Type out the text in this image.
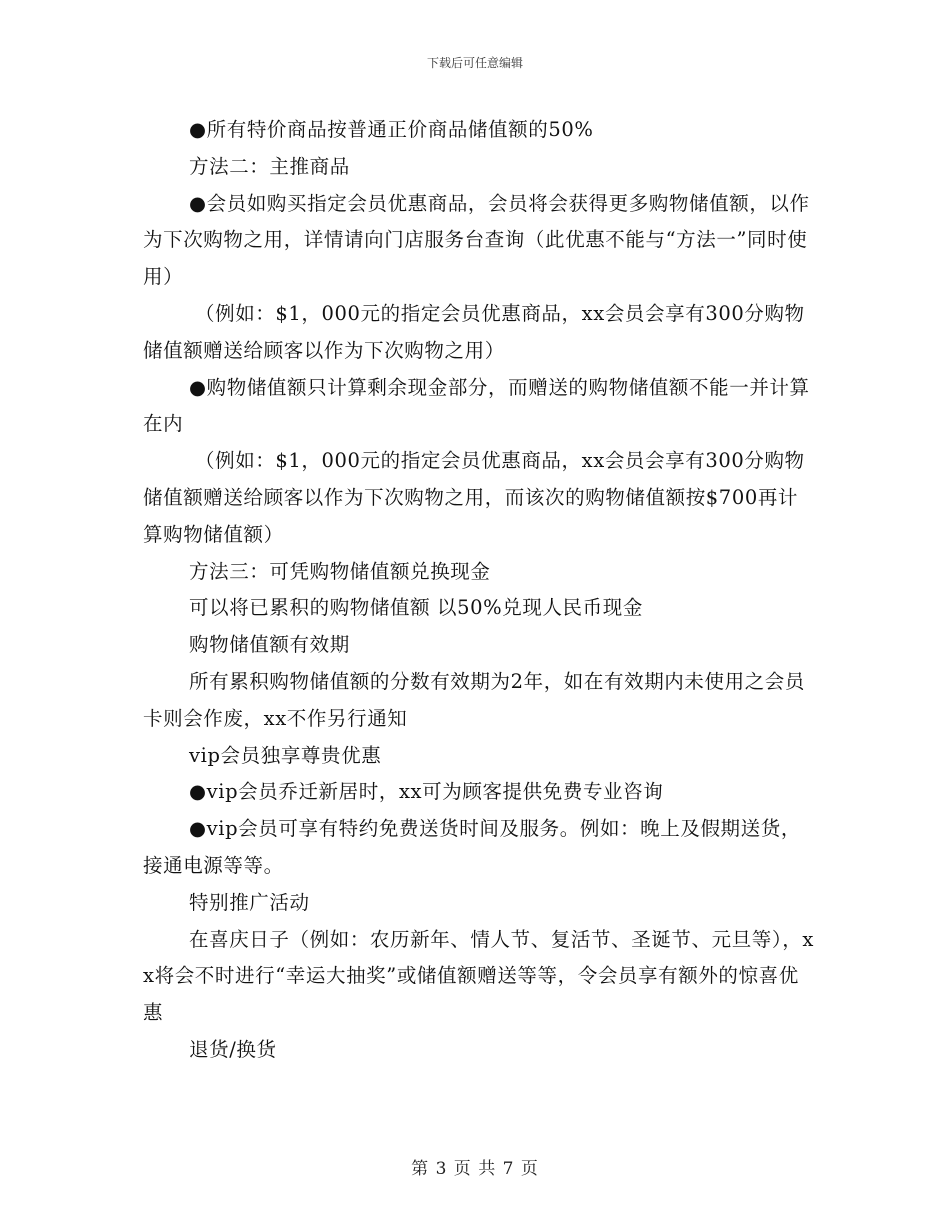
下载后可任意编辑

●所有特价商品按普通正价商品储值额的50%

方法二：主推商品

●会员如购买指定会员优惠商品，会员将会获得更多购物储值额，以作为下次购物之用，详情请向门店服务台查询（此优惠不能与“方法一”同时使用）

（例如：$1，000元的指定会员优惠商品，xx会员会享有300分购物储值额赠送给顾客以作为下次购物之用）

●购物储值额只计算剩余现金部分，而赠送的购物储值额不能一并计算在内

（例如：$1，000元的指定会员优惠商品，xx会员会享有300分购物储值额赠送给顾客以作为下次购物之用，而该次的购物储值额按$700再计算购物储值额）

方法三：可凭购物储值额兑换现金

可以将已累积的购物储值额 以50%兑现人民币现金

购物储值额有效期

所有累积购物储值额的分数有效期为2年，如在有效期内未使用之会员卡则会作废，xx不作另行通知

vip会员独享尊贵优惠

●vip会员乔迁新居时，xx可为顾客提供免费专业咨询

●vip会员可享有特约免费送货时间及服务。例如：晚上及假期送货，接通电源等等。

特别推广活动

在喜庆日子（例如：农历新年、情人节、复活节、圣诞节、元旦等），xx将会不时进行“幸运大抽奖”或储值额赠送等等，令会员享有额外的惊喜优惠

退货/换货

第 3 页 共 7 页
